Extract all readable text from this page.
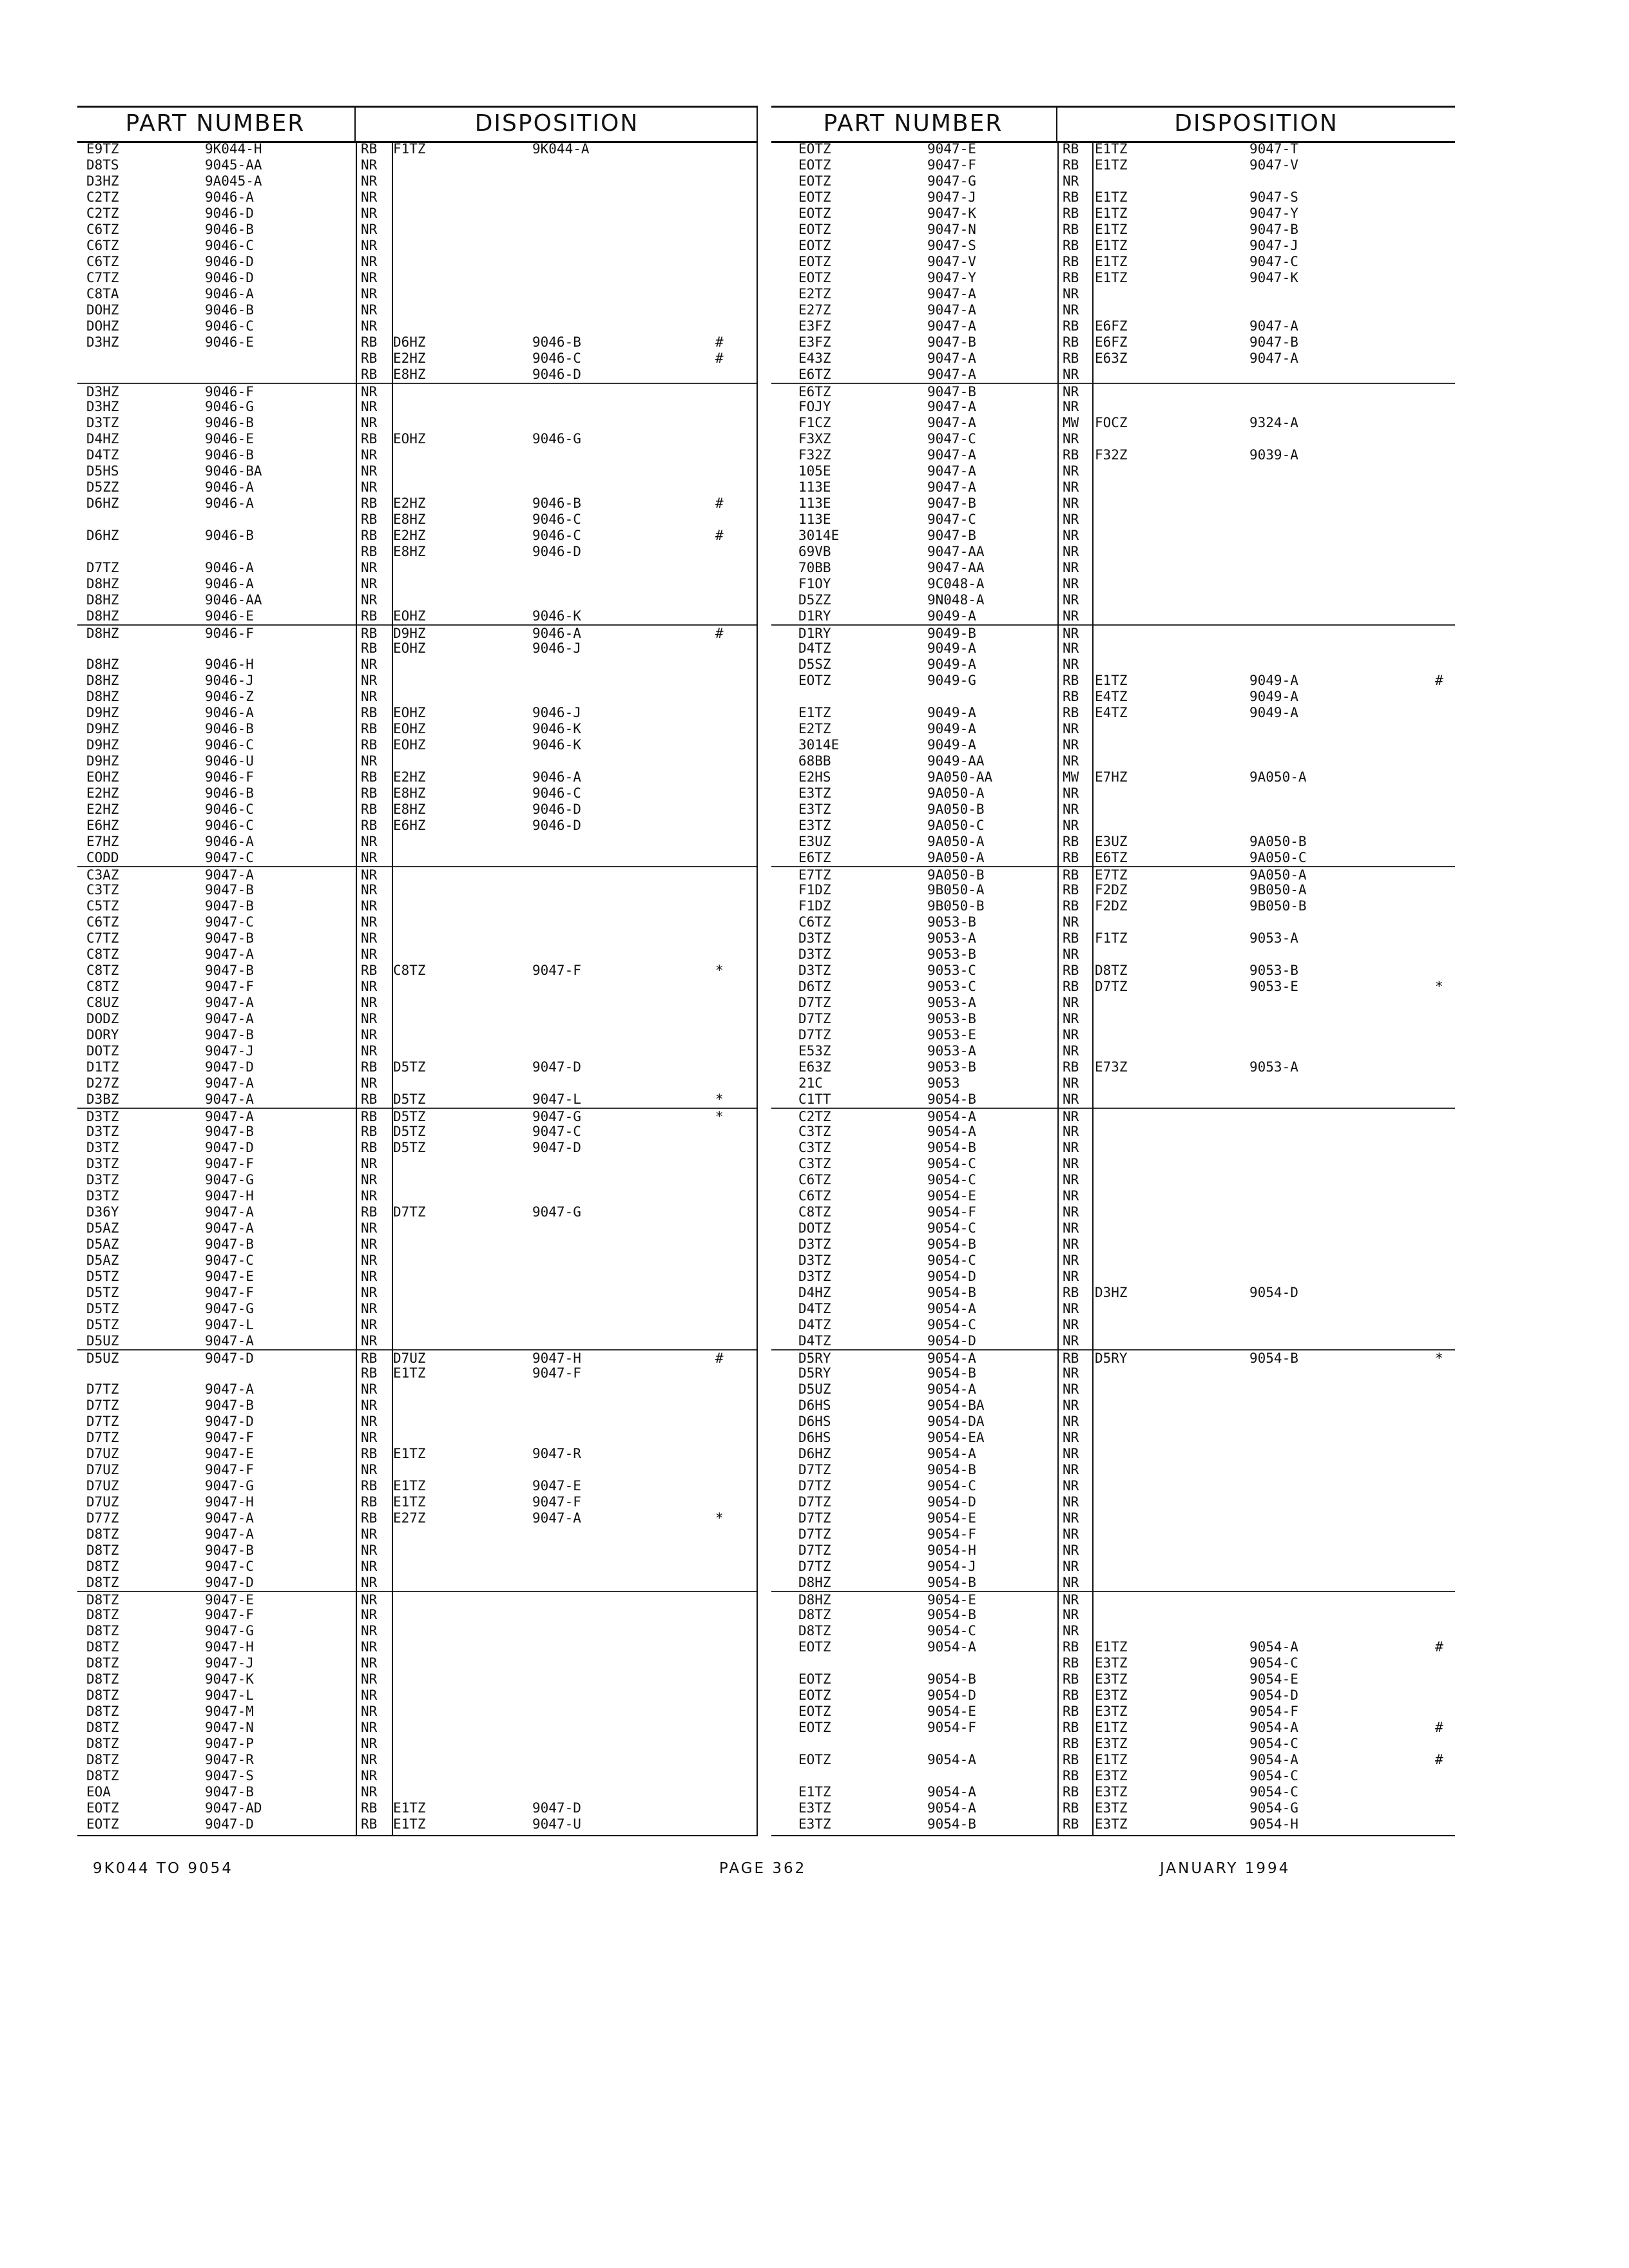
PART NUMBER	DISPOSITION
E9TZ	9K044-H	RB F1TZ	9K044-A
D8TS	9045-AA	NR
D3HZ	9A045-A	NR
C2TZ	9046-A	NR
C2TZ	9046-D	NR
C6TZ	9046-B	NR
C6TZ	9046-C	NR
C6TZ	9046-D	NR
C7TZ	9046-D	NR
C8TA	9046-A	NR
DOHZ	9046-B	NR
DOHZ	9046-C	NR
D3HZ	9046-E	RB D6HZ	9046-B	#
RB E2HZ	9046-C	#
RB E8HZ	9046-D
D3HZ	9046-F	NR
D3HZ	9046-G	NR
D3TZ	9046-B	NR
D4HZ	9046-E	RB EOHZ	9046-G
D4TZ	9046-B	NR
D5HS	9046-BA	NR
D5ZZ	9046-A	NR
D6HZ	9046-A	RB E2HZ	9046-B	#
RB E8HZ	9046-C
D6HZ	9046-B	RB E2HZ	9046-C	#
RB E8HZ	9046-D
D7TZ	9046-A	NR
D8HZ	9046-A	NR
D8HZ	9046-AA	NR
D8HZ	9046-E	RB EOHZ	9046-K
D8HZ	9046-F	RB D9HZ	9046-A	#
RB EOHZ	9046-J
D8HZ	9046-H	NR
D8HZ	9046-J	NR
D8HZ	9046-Z	NR
D9HZ	9046-A	RB EOHZ	9046-J
D9HZ	9046-B	RB EOHZ	9046-K
D9HZ	9046-C	RB EOHZ	9046-K
D9HZ	9046-U	NR
EOHZ	9046-F	RB E2HZ	9046-A
E2HZ	9046-B	RB E8HZ	9046-C
E2HZ	9046-C	RB E8HZ	9046-D
E6HZ	9046-C	RB E6HZ	9046-D
E7HZ	9046-A	NR
CODD	9047-C	NR
C3AZ	9047-A	NR
C3TZ	9047-B	NR
C5TZ	9047-B	NR
C6TZ	9047-C	NR
C7TZ	9047-B	NR
C8TZ	9047-A	NR
C8TZ	9047-B	RB C8TZ	9047-F	*
C8TZ	9047-F	NR
C8UZ	9047-A	NR
DODZ	9047-A	NR
DORY	9047-B	NR
DOTZ	9047-J	NR
D1TZ	9047-D	RB D5TZ	9047-D
D27Z	9047-A	NR
D3BZ	9047-A	RB D5TZ	9047-L	*
D3TZ	9047-A	RB D5TZ	9047-G	*
D3TZ	9047-B	RB D5TZ	9047-C
D3TZ	9047-D	RB D5TZ	9047-D
D3TZ	9047-F	NR
D3TZ	9047-G	NR
D3TZ	9047-H	NR
D36Y	9047-A	RB D7TZ	9047-G
D5AZ	9047-A	NR
D5AZ	9047-B	NR
D5AZ	9047-C	NR
D5TZ	9047-E	NR
D5TZ	9047-F	NR
D5TZ	9047-G	NR
D5TZ	9047-L	NR
D5UZ	9047-A	NR
D5UZ	9047-D	RB D7UZ	9047-H	#
RB E1TZ	9047-F
D7TZ	9047-A	NR
D7TZ	9047-B	NR
D7TZ	9047-D	NR
D7TZ	9047-F	NR
D7UZ	9047-E	RB E1TZ	9047-R
D7UZ	9047-F	NR
D7UZ	9047-G	RB E1TZ	9047-E
D7UZ	9047-H	RB E1TZ	9047-F
D77Z	9047-A	RB E27Z	9047-A	*
D8TZ	9047-A	NR
D8TZ	9047-B	NR
D8TZ	9047-C	NR
D8TZ	9047-D	NR
D8TZ	9047-E	NR
D8TZ	9047-F	NR
D8TZ	9047-G	NR
D8TZ	9047-H	NR
D8TZ	9047-J	NR
D8TZ	9047-K	NR
D8TZ	9047-L	NR
D8TZ	9047-M	NR
D8TZ	9047-N	NR
D8TZ	9047-P	NR
D8TZ	9047-R	NR
D8TZ	9047-S	NR
EOA	9047-B	NR
EOTZ	9047-AD	RB E1TZ	9047-D
EOTZ	9047-D	RB E1TZ	9047-U
PART NUMBER	DISPOSITION
EOTZ	9047-E	RB E1TZ	9047-T
EOTZ	9047-F	RB E1TZ	9047-V
EOTZ	9047-G	NR
EOTZ	9047-J	RB E1TZ	9047-S
EOTZ	9047-K	RB E1TZ	9047-Y
EOTZ	9047-N	RB E1TZ	9047-B
EOTZ	9047-S	RB E1TZ	9047-J
EOTZ	9047-V	RB E1TZ	9047-C
EOTZ	9047-Y	RB E1TZ	9047-K
E2TZ	9047-A	NR
E27Z	9047-A	NR
E3FZ	9047-A	RB E6FZ	9047-A
E3FZ	9047-B	RB E6FZ	9047-B
E43Z	9047-A	RB E63Z	9047-A
E6TZ	9047-A	NR
E6TZ	9047-B	NR
FOJY	9047-A	NR
F1CZ	9047-A	MW FOCZ	9324-A
F3XZ	9047-C	NR
F32Z	9047-A	RB F32Z	9039-A
105E	9047-A	NR
113E	9047-A	NR
113E	9047-B	NR
113E	9047-C	NR
3014E	9047-B	NR
69VB	9047-AA	NR
70BB	9047-AA	NR
F1OY	9C048-A	NR
D5ZZ	9N048-A	NR
D1RY	9049-A	NR
D1RY	9049-B	NR
D4TZ	9049-A	NR
D5SZ	9049-A	NR
EOTZ	9049-G	RB E1TZ	9049-A	#
RB E4TZ	9049-A
E1TZ	9049-A	RB E4TZ	9049-A
E2TZ	9049-A	NR
3014E	9049-A	NR
68BB	9049-AA	NR
E2HS	9A050-AA	MW E7HZ	9A050-A
E3TZ	9A050-A	NR
E3TZ	9A050-B	NR
E3TZ	9A050-C	NR
E3UZ	9A050-A	RB E3UZ	9A050-B
E6TZ	9A050-A	RB E6TZ	9A050-C
E7TZ	9A050-B	RB E7TZ	9A050-A
F1DZ	9B050-A	RB F2DZ	9B050-A
F1DZ	9B050-B	RB F2DZ	9B050-B
C6TZ	9053-B	NR
D3TZ	9053-A	RB F1TZ	9053-A
D3TZ	9053-B	NR
D3TZ	9053-C	RB D8TZ	9053-B
D6TZ	9053-C	RB D7TZ	9053-E	*
D7TZ	9053-A	NR
D7TZ	9053-B	NR
D7TZ	9053-E	NR
E53Z	9053-A	NR
E63Z	9053-B	RB E73Z	9053-A
21C	9053	NR
C1TT	9054-B	NR
C2TZ	9054-A	NR
C3TZ	9054-A	NR
C3TZ	9054-B	NR
C3TZ	9054-C	NR
C6TZ	9054-C	NR
C6TZ	9054-E	NR
C8TZ	9054-F	NR
DOTZ	9054-C	NR
D3TZ	9054-B	NR
D3TZ	9054-C	NR
D3TZ	9054-D	NR
D4HZ	9054-B	RB D3HZ	9054-D
D4TZ	9054-A	NR
D4TZ	9054-C	NR
D4TZ	9054-D	NR
D5RY	9054-A	RB D5RY	9054-B	*
D5RY	9054-B	NR
D5UZ	9054-A	NR
D6HS	9054-BA	NR
D6HS	9054-DA	NR
D6HS	9054-EA	NR
D6HZ	9054-A	NR
D7TZ	9054-B	NR
D7TZ	9054-C	NR
D7TZ	9054-D	NR
D7TZ	9054-E	NR
D7TZ	9054-F	NR
D7TZ	9054-H	NR
D7TZ	9054-J	NR
D8HZ	9054-B	NR
D8HZ	9054-E	NR
D8TZ	9054-B	NR
D8TZ	9054-C	NR
EOTZ	9054-A	RB E1TZ	9054-A	#
RB E3TZ	9054-C
EOTZ	9054-B	RB E3TZ	9054-E
EOTZ	9054-D	RB E3TZ	9054-D
EOTZ	9054-E	RB E3TZ	9054-F
EOTZ	9054-F	RB E1TZ	9054-A	#
RB E3TZ	9054-C
EOTZ	9054-A	RB E1TZ	9054-A	#
RB E3TZ	9054-C
E1TZ	9054-A	RB E3TZ	9054-C
E3TZ	9054-A	RB E3TZ	9054-G
E3TZ	9054-B	RB E3TZ	9054-H
9K044 TO 9054	PAGE 362	JANUARY 1994
